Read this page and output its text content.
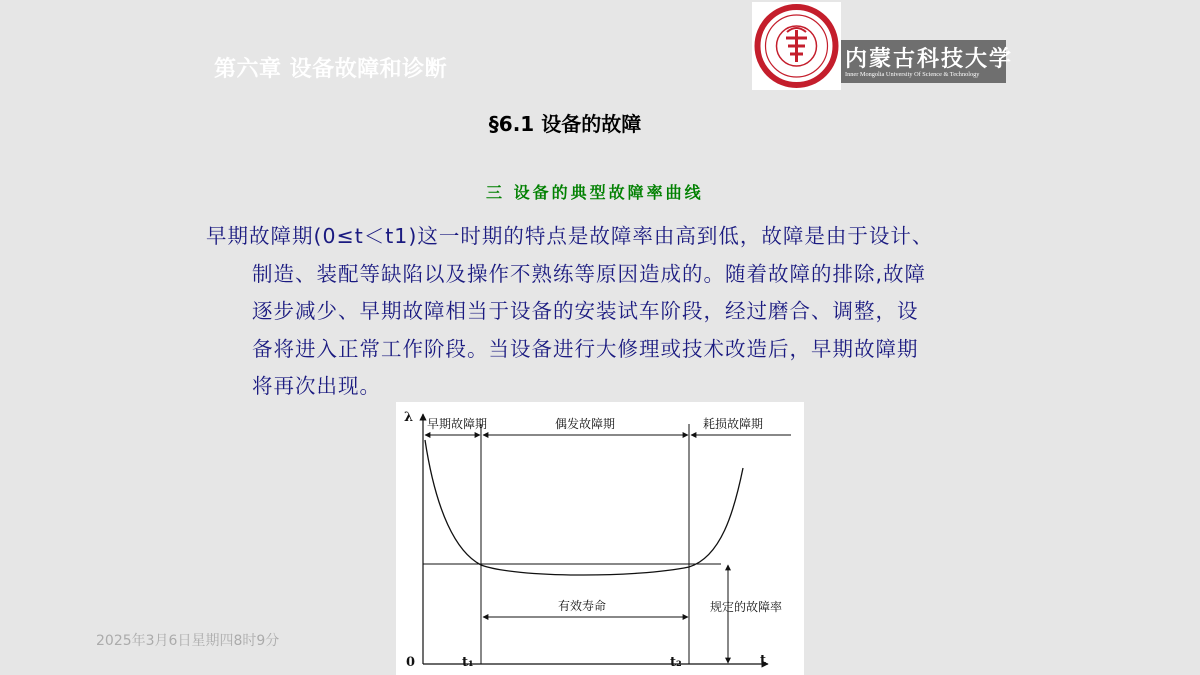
第六章 设备故障和诊断	内蒙古科技大学
Inner Mongolia University Of Science & Technology
§6.1 设备的故障
三 设备的典型故障率曲线
早期故障期(0≤t＜t1)这一时期的特点是故障率由高到低，故障是由于设计、
制造、装配等缺陷以及操作不熟练等原因造成的。随着故障的排除,故障
逐步减少、早期故障相当于设备的安装试车阶段，经过磨合、调整，设
备将进入正常工作阶段。当设备进行大修理或技术改造后，早期故障期
将再次出现。
λ
0	t₁	t₂	t
早期故障期	偶发故障期	耗损故障期
有效寿命	规定的故障率
2025年3月6日星期四8时9分
